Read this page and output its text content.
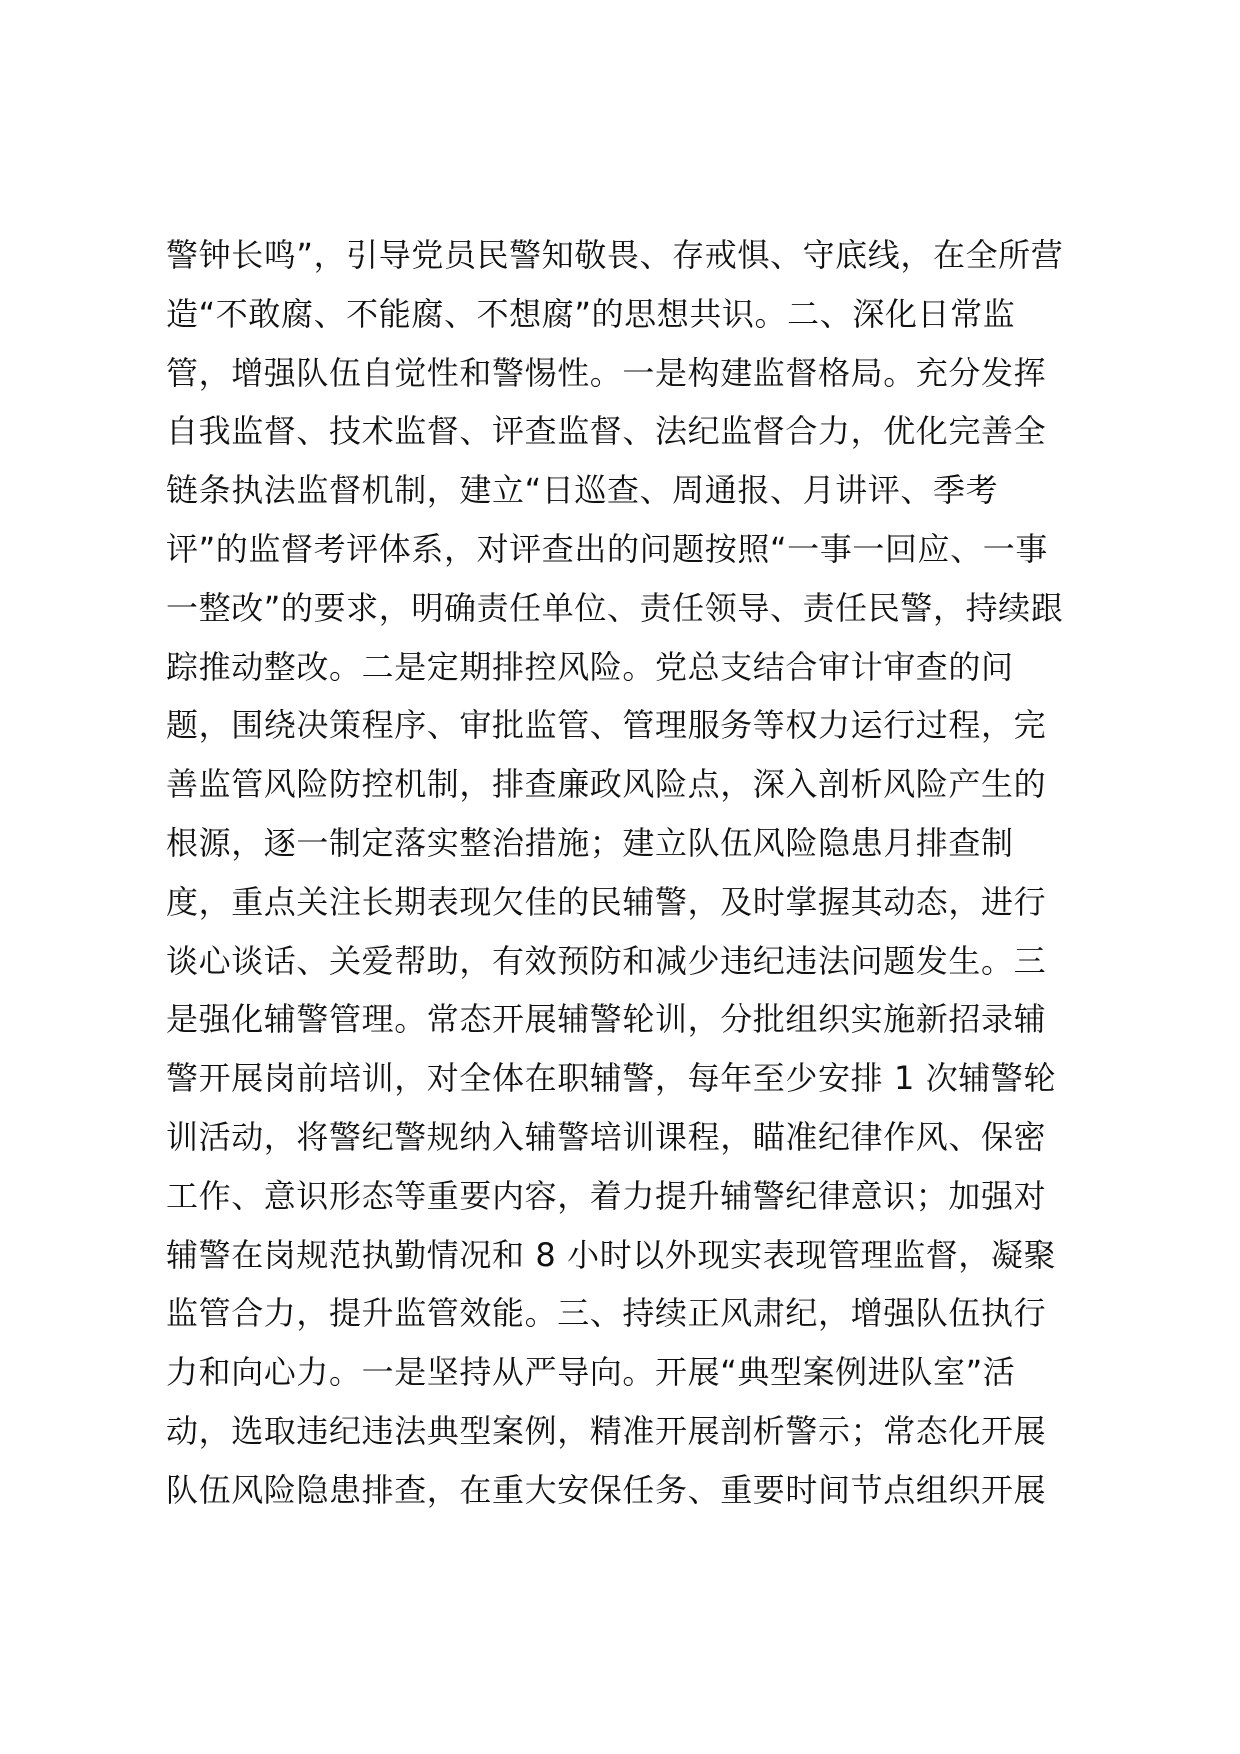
警钟长鸣”，引导党员民警知敬畏、存戒惧、守底线，在全所营
造“不敢腐、不能腐、不想腐”的思想共识。二、深化日常监
管，增强队伍自觉性和警惕性。一是构建监督格局。充分发挥
自我监督、技术监督、评查监督、法纪监督合力，优化完善全
链条执法监督机制，建立“日巡查、周通报、月讲评、季考
评”的监督考评体系，对评查出的问题按照“一事一回应、一事
一整改”的要求，明确责任单位、责任领导、责任民警，持续跟
踪推动整改。二是定期排控风险。党总支结合审计审查的问
题，围绕决策程序、审批监管、管理服务等权力运行过程，完
善监管风险防控机制，排查廉政风险点，深入剖析风险产生的
根源，逐一制定落实整治措施；建立队伍风险隐患月排查制
度，重点关注长期表现欠佳的民辅警，及时掌握其动态，进行
谈心谈话、关爱帮助，有效预防和减少违纪违法问题发生。三
是强化辅警管理。常态开展辅警轮训，分批组织实施新招录辅
警开展岗前培训，对全体在职辅警，每年至少安排 1 次辅警轮
训活动，将警纪警规纳入辅警培训课程，瞄准纪律作风、保密
工作、意识形态等重要内容，着力提升辅警纪律意识；加强对
辅警在岗规范执勤情况和 8 小时以外现实表现管理监督，凝聚
监管合力，提升监管效能。三、持续正风肃纪，增强队伍执行
力和向心力。一是坚持从严导向。开展“典型案例进队室”活
动，选取违纪违法典型案例，精准开展剖析警示；常态化开展
队伍风险隐患排查，在重大安保任务、重要时间节点组织开展
